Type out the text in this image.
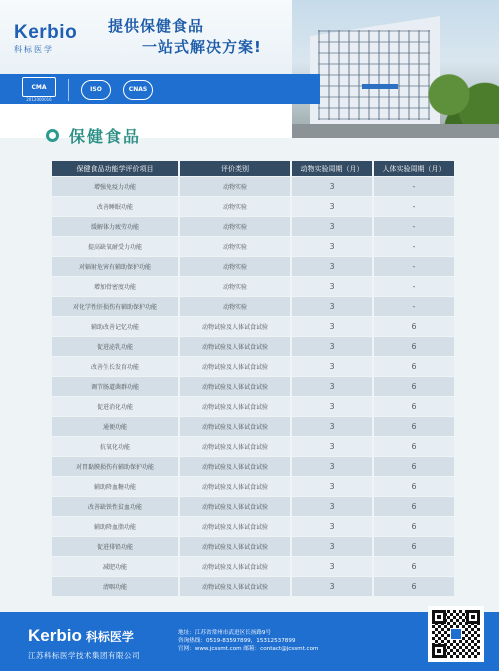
Kerbio
科标医学
提供保健食品
一站式解决方案!
CMA
2012000016
ISO	CNAS
保健食品
保健食品功能学评价项目	评价类别	动物实验周期（月）	人体实验周期（月）
增强免疫力功能	动物实验	3	-
改善睡眠功能	动物实验	3	-
缓解体力疲劳功能	动物实验	3	-
提高缺氧耐受力功能	动物实验	3	-
对辐射危害有辅助保护功能	动物实验	3	-
增加骨密度功能	动物实验	3	-
对化学性肝损伤有辅助保护功能	动物实验	3	-
辅助改善记忆功能	动物试验及人体试食试验	3	6
促进泌乳功能	动物试验及人体试食试验	3	6
改善生长发育功能	动物试验及人体试食试验	3	6
调节肠道菌群功能	动物试验及人体试食试验	3	6
促进消化功能	动物试验及人体试食试验	3	6
通便功能	动物试验及人体试食试验	3	6
抗氧化功能	动物试验及人体试食试验	3	6
对胃黏膜损伤有辅助保护功能	动物试验及人体试食试验	3	6
辅助降血糖功能	动物试验及人体试食试验	3	6
改善缺铁性贫血功能	动物试验及人体试食试验	3	6
辅助降血脂功能	动物试验及人体试食试验	3	6
促进排铅功能	动物试验及人体试食试验	3	6
减肥功能	动物试验及人体试食试验	3	6
清咽功能	动物试验及人体试食试验	3	6
Kerbio 科标医学
江苏科标医学技术集团有限公司
地址：江苏省常州市武进区长扬路9号
咨询热线：0519-83597899，15312537899
官网：www.jcssmt.com 邮箱：contact@jcssmt.com
